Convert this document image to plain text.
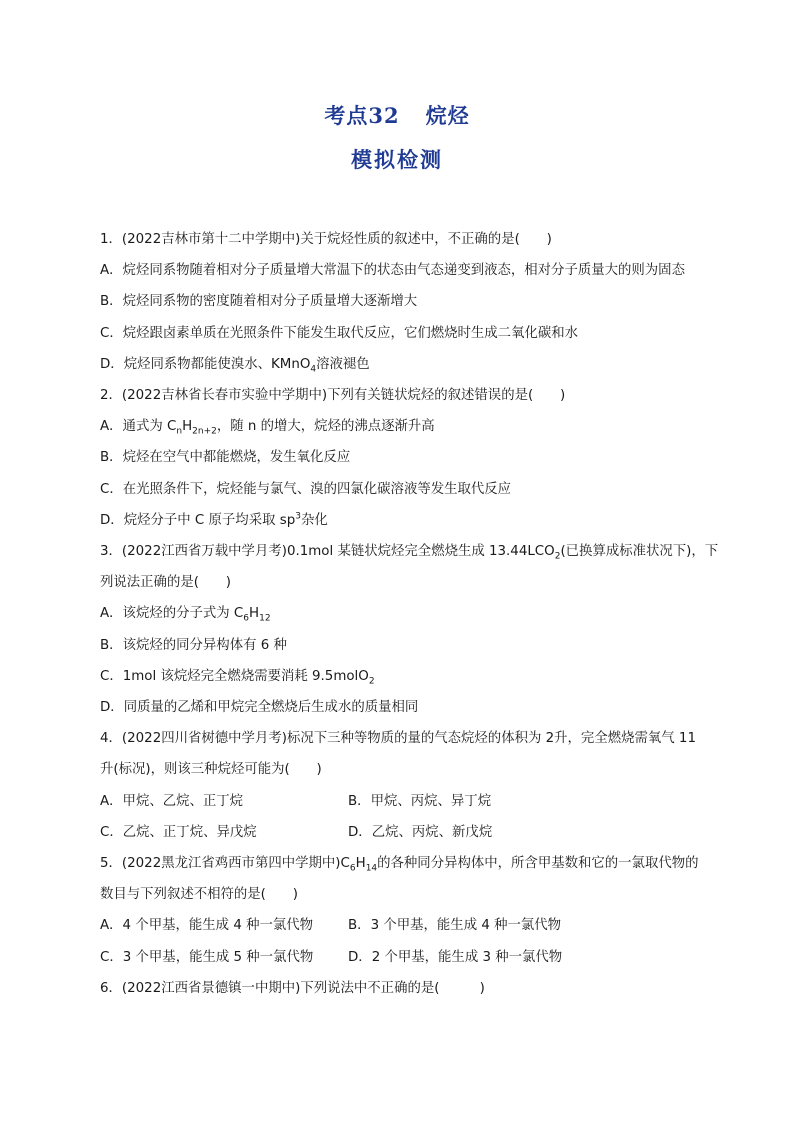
考点32 烷烃
模拟检测
1．(2022吉林市第十二中学期中)关于烷烃性质的叙述中，不正确的是(　　)
A．烷烃同系物随着相对分子质量增大常温下的状态由气态递变到液态，相对分子质量大的则为固态
B．烷烃同系物的密度随着相对分子质量增大逐渐增大
C．烷烃跟卤素单质在光照条件下能发生取代反应，它们燃烧时生成二氧化碳和水
D．烷烃同系物都能使溴水、KMnO$_4$溶液褪色
2．(2022吉林省长春市实验中学期中)下列有关链状烷烃的叙述错误的是(　　)
A．通式为 $C_nH_{2n+2}$，随 n 的增大，烷烃的沸点逐渐升高
B．烷烃在空气中都能燃烧，发生氧化反应
C．在光照条件下，烷烃能与氯气、溴的四氯化碳溶液等发生取代反应
D．烷烃分子中 C 原子均采取 $sp^3$杂化
3．(2022江西省万载中学月考)0.1mol 某链状烷烃完全燃烧生成 $13.44LCO_2$(已换算成标准状况下)，下
列说法正确的是(　　)
A．该烷烃的分子式为 $C_6H_{12}$
B．该烷烃的同分异构体有 6 种
C．1mol 该烷烃完全燃烧需要消耗 9.5molO$_2$
D．同质量的乙烯和甲烷完全燃烧后生成水的质量相同
4．(2022四川省树德中学月考)标况下三种等物质的量的气态烷烃的体积为 2升，完全燃烧需氧气 11
升(标况)，则该三种烷烃可能为(　　)
A．甲烷、乙烷、正丁烷	B．甲烷、丙烷、异丁烷
C．乙烷、正丁烷、异戊烷	D．乙烷、丙烷、新戊烷
5．(2022黑龙江省鸡西市第四中学期中)$C_6H_{14}$的各种同分异构体中，所含甲基数和它的一氯取代物的
数目与下列叙述不相符的是(　　)
A．4 个甲基，能生成 4 种一氯代物	B．3 个甲基，能生成 4 种一氯代物
C．3 个甲基，能生成 5 种一氯代物	D．2 个甲基，能生成 3 种一氯代物
6．(2022江西省景德镇一中期中)下列说法中不正确的是(　　　)
